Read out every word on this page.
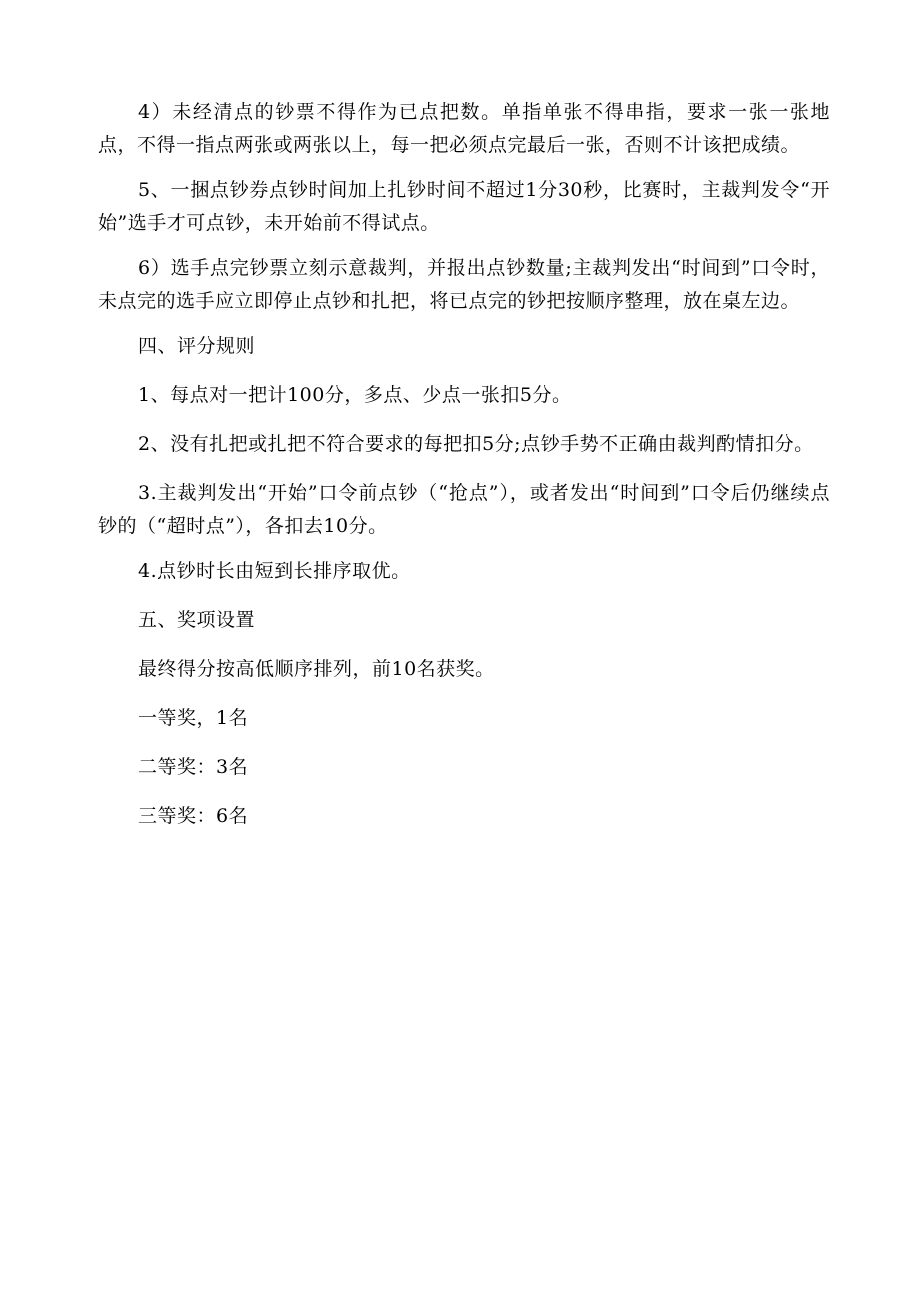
4）未经清点的钞票不得作为已点把数。单指单张不得串指，要求一张一张地点，不得一指点两张或两张以上，每一把必须点完最后一张，否则不计该把成绩。

5、一捆点钞券点钞时间加上扎钞时间不超过1分30秒，比赛时，主裁判发令“开始”选手才可点钞，未开始前不得试点。

6）选手点完钞票立刻示意裁判，并报出点钞数量;主裁判发出“时间到”口令时，未点完的选手应立即停止点钞和扎把，将已点完的钞把按顺序整理，放在桌左边。

四、评分规则

1、每点对一把计100分，多点、少点一张扣5分。

2、没有扎把或扎把不符合要求的每把扣5分;点钞手势不正确由裁判酌情扣分。

3.主裁判发出“开始”口令前点钞（“抢点”），或者发出“时间到”口令后仍继续点钞的（“超时点”），各扣去10分。

4.点钞时长由短到长排序取优。

五、奖项设置

最终得分按高低顺序排列，前10名获奖。

一等奖，1名

二等奖：3名

三等奖：6名
